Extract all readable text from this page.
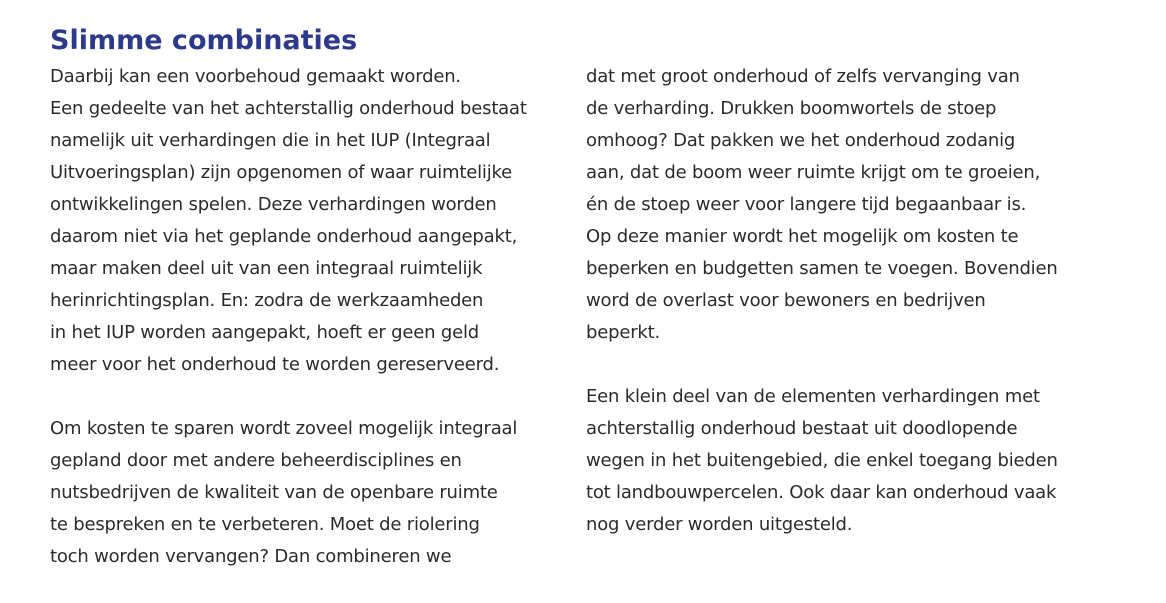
Slimme combinaties
Daarbij kan een voorbehoud gemaakt worden.
Een gedeelte van het achterstallig onderhoud bestaat
namelijk uit verhardingen die in het IUP (Integraal
Uitvoeringsplan) zijn opgenomen of waar ruimtelijke
ontwikkelingen spelen. Deze verhardingen worden
daarom niet via het geplande onderhoud aangepakt,
maar maken deel uit van een integraal ruimtelijk
herinrichtingsplan. En: zodra de werkzaamheden
in het IUP worden aangepakt, hoeft er geen geld
meer voor het onderhoud te worden gereserveerd.
Om kosten te sparen wordt zoveel mogelijk integraal
gepland door met andere beheerdisciplines en
nutsbedrijven de kwaliteit van de openbare ruimte
te bespreken en te verbeteren. Moet de riolering
toch worden vervangen? Dan combineren we
dat met groot onderhoud of zelfs vervanging van
de verharding. Drukken boomwortels de stoep
omhoog? Dat pakken we het onderhoud zodanig
aan, dat de boom weer ruimte krijgt om te groeien,
én de stoep weer voor langere tijd begaanbaar is.
Op deze manier wordt het mogelijk om kosten te
beperken en budgetten samen te voegen. Bovendien
word de overlast voor bewoners en bedrijven
beperkt.
Een klein deel van de elementen verhardingen met
achterstallig onderhoud bestaat uit doodlopende
wegen in het buitengebied, die enkel toegang bieden
tot landbouwpercelen. Ook daar kan onderhoud vaak
nog verder worden uitgesteld.
